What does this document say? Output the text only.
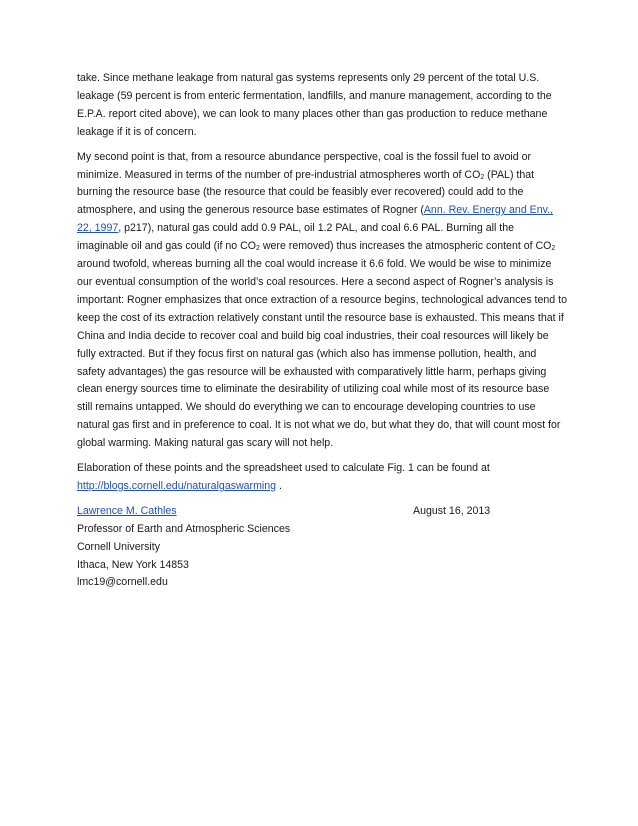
take. Since methane leakage from natural gas systems represents only 29 percent of the total U.S. leakage (59 percent is from enteric fermentation, landfills, and manure management, according to the E.P.A. report cited above), we can look to many places other than gas production to reduce methane leakage if it is of concern.

My second point is that, from a resource abundance perspective, coal is the fossil fuel to avoid or minimize. Measured in terms of the number of pre-industrial atmospheres worth of $CO_2$ (PAL) that burning the resource base (the resource that could be feasibly ever recovered) could add to the atmosphere, and using the generous resource base estimates of Rogner (Ann. Rev. Energy and Env., 22, 1997, p217), natural gas could add 0.9 PAL, oil 1.2 PAL, and coal 6.6 PAL. Burning all the imaginable oil and gas could (if no $CO_2$ were removed) thus increases the atmospheric content of $CO_2$ around twofold, whereas burning all the coal would increase it 6.6 fold. We would be wise to minimize our eventual consumption of the world’s coal resources. Here a second aspect of Rogner’s analysis is important: Rogner emphasizes that once extraction of a resource begins, technological advances tend to keep the cost of its extraction relatively constant until the resource base is exhausted. This means that if China and India decide to recover coal and build big coal industries, their coal resources will likely be fully extracted. But if they focus first on natural gas (which also has immense pollution, health, and safety advantages) the gas resource will be exhausted with comparatively little harm, perhaps giving clean energy sources time to eliminate the desirability of utilizing coal while most of its resource base still remains untapped. We should do everything we can to encourage developing countries to use natural gas first and in preference to coal. It is not what we do, but what they do, that will count most for global warming. Making natural gas scary will not help.

Elaboration of these points and the spreadsheet used to calculate Fig. 1 can be found at http://blogs.cornell.edu/naturalgaswarming .

Lawrence M. Cathles	August 16, 2013
Professor of Earth and Atmospheric Sciences
Cornell University
Ithaca, New York 14853
lmc19@cornell.edu
